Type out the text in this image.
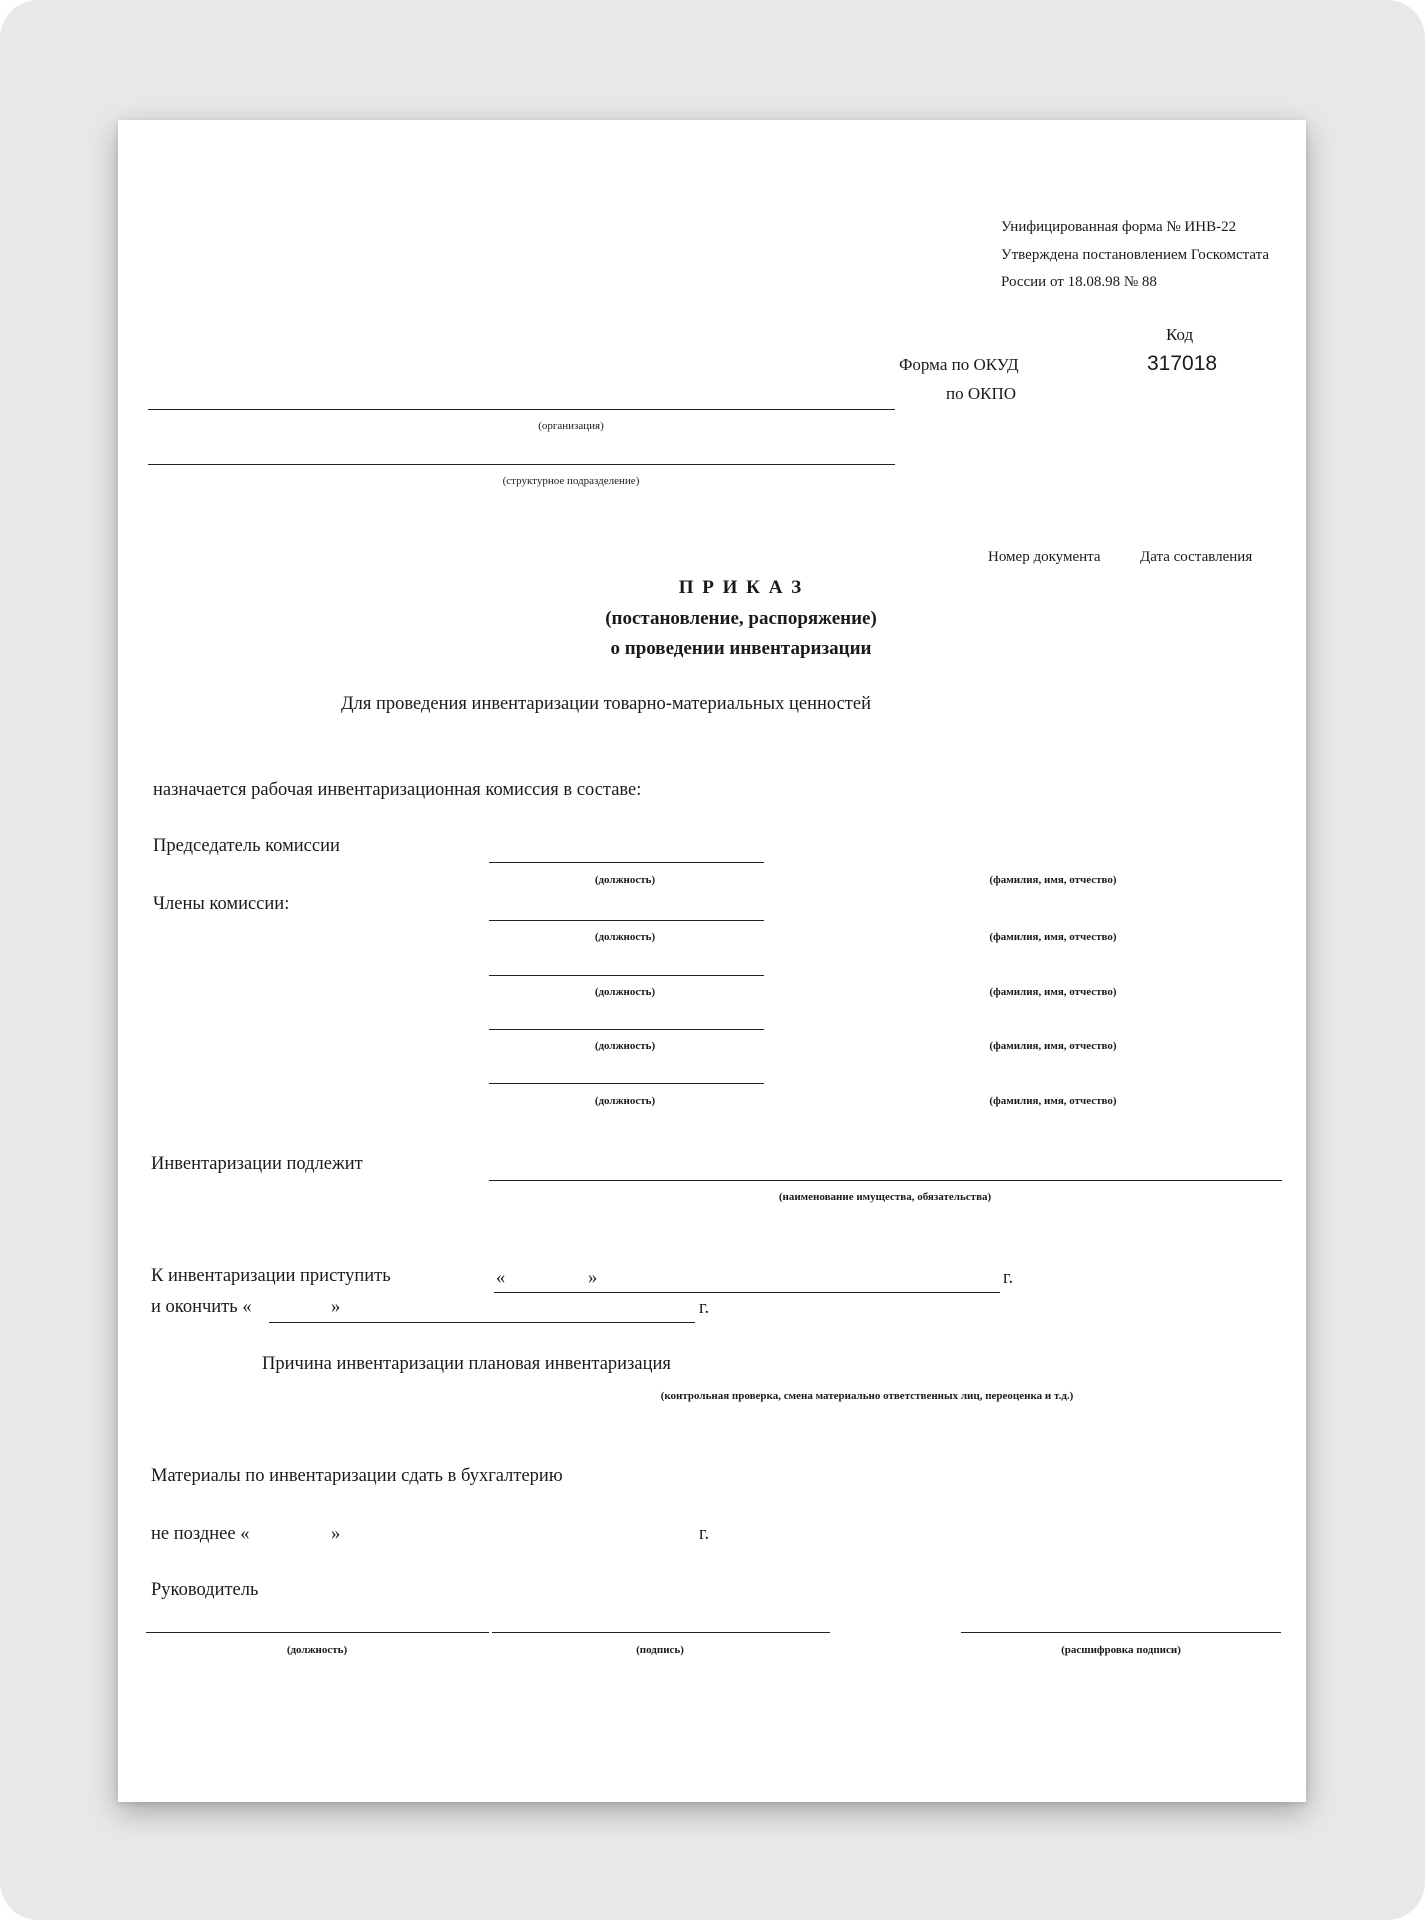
Унифицированная форма № ИНВ-22
Утверждена постановлением Госкомстата
России от 18.08.98 № 88
Код
Форма по ОКУД	317018
по ОКПО
(организация)
(структурное подразделение)
Номер документа	Дата составления
П Р И К А З
(постановление, распоряжение)
о проведении инвентаризации
Для проведения инвентаризации товарно-материальных ценностей
назначается рабочая инвентаризационная комиссия в составе:
Председатель комиссии
(должность)	(фамилия, имя, отчество)
Члены комиссии:
(должность)	(фамилия, имя, отчество)
(должность)	(фамилия, имя, отчество)
(должность)	(фамилия, имя, отчество)
(должность)	(фамилия, имя, отчество)
Инвентаризации подлежит
(наименование имущества, обязательства)
К инвентаризации приступить	«	»	г.
и окончить «	»	г.
Причина инвентаризации плановая инвентаризация
(контрольная проверка, смена материально ответственных лиц, переоценка и т.д.)
Материалы по инвентаризации сдать в бухгалтерию
не позднее «	»	г.
Руководитель
(должность)	(подпись)	(расшифровка подписи)
